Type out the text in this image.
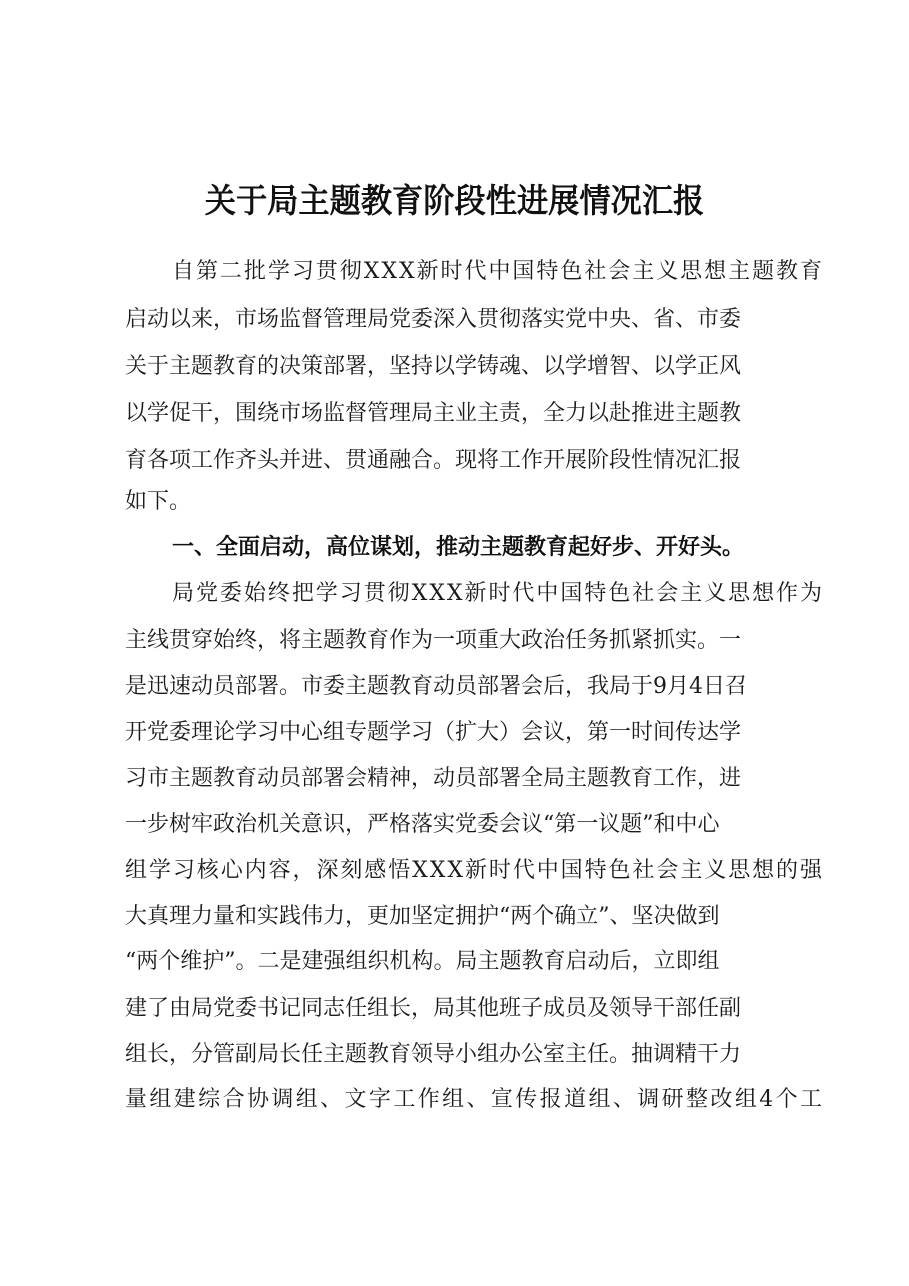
关于局主题教育阶段性进展情况汇报
自第二批学习贯彻XXX新时代中国特色社会主义思想主题教育
启动以来，市场监督管理局党委深入贯彻落实党中央、省、市委
关于主题教育的决策部署，坚持以学铸魂、以学增智、以学正风
以学促干，围绕市场监督管理局主业主责，全力以赴推进主题教
育各项工作齐头并进、贯通融合。现将工作开展阶段性情况汇报
如下。
一、全面启动，高位谋划，推动主题教育起好步、开好头。
局党委始终把学习贯彻XXX新时代中国特色社会主义思想作为
主线贯穿始终，将主题教育作为一项重大政治任务抓紧抓实。一
是迅速动员部署。市委主题教育动员部署会后，我局于9月4日召
开党委理论学习中心组专题学习（扩大）会议，第一时间传达学
习市主题教育动员部署会精神，动员部署全局主题教育工作，进
一步树牢政治机关意识，严格落实党委会议“第一议题”和中心
组学习核心内容，深刻感悟XXX新时代中国特色社会主义思想的强
大真理力量和实践伟力，更加坚定拥护“两个确立”、坚决做到
“两个维护”。二是建强组织机构。局主题教育启动后，立即组
建了由局党委书记同志任组长，局其他班子成员及领导干部任副
组长，分管副局长任主题教育领导小组办公室主任。抽调精干力
量组建综合协调组、文字工作组、宣传报道组、调研整改组4个工
